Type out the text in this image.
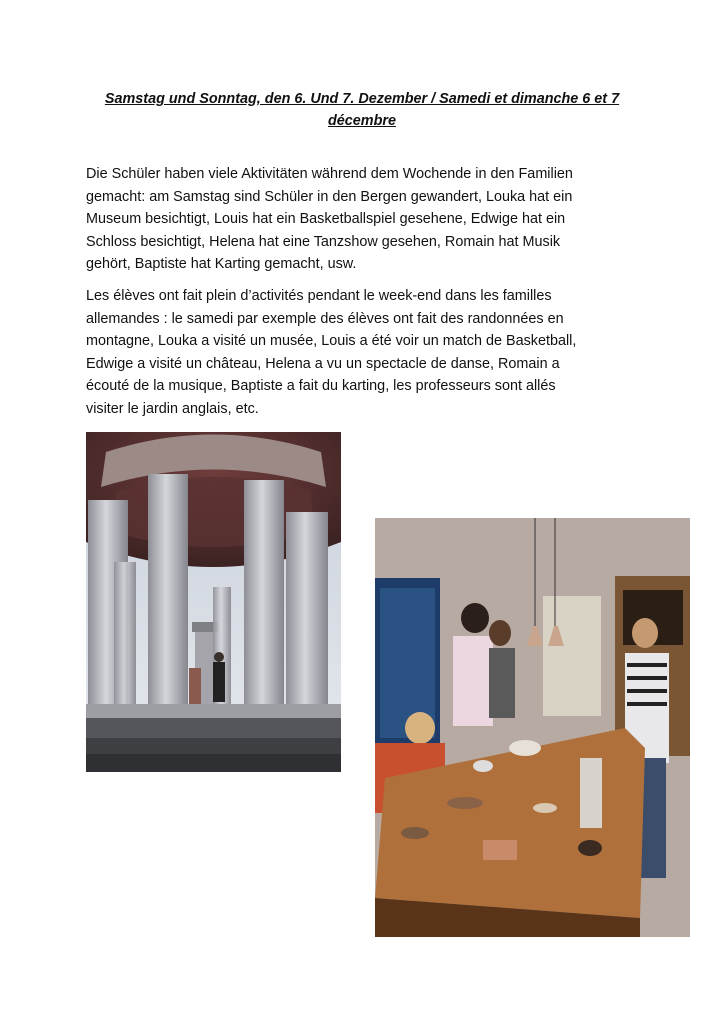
Samstag und Sonntag, den 6. Und 7. Dezember / Samedi et dimanche 6 et 7
décembre
Die Schüler haben viele Aktivitäten während dem Wochende in den Familien
gemacht: am Samstag sind Schüler in den Bergen gewandert, Louka hat ein
Museum besichtigt, Louis hat ein Basketballspiel gesehene, Edwige hat ein
Schloss besichtigt, Helena hat eine Tanzshow gesehen, Romain hat Musik
gehört, Baptiste hat Karting gemacht, usw.
Les élèves ont fait plein d’activités pendant le week-end dans les familles
allemandes : le samedi par exemple des élèves ont fait des randonnées en
montagne, Louka a visité un musée, Louis a été voir un match de Basketball,
Edwige a visité un château, Helena a vu un spectacle de danse, Romain a
écouté de la musique, Baptiste a fait du karting, les professeurs sont allés
visiter le jardin anglais, etc.
